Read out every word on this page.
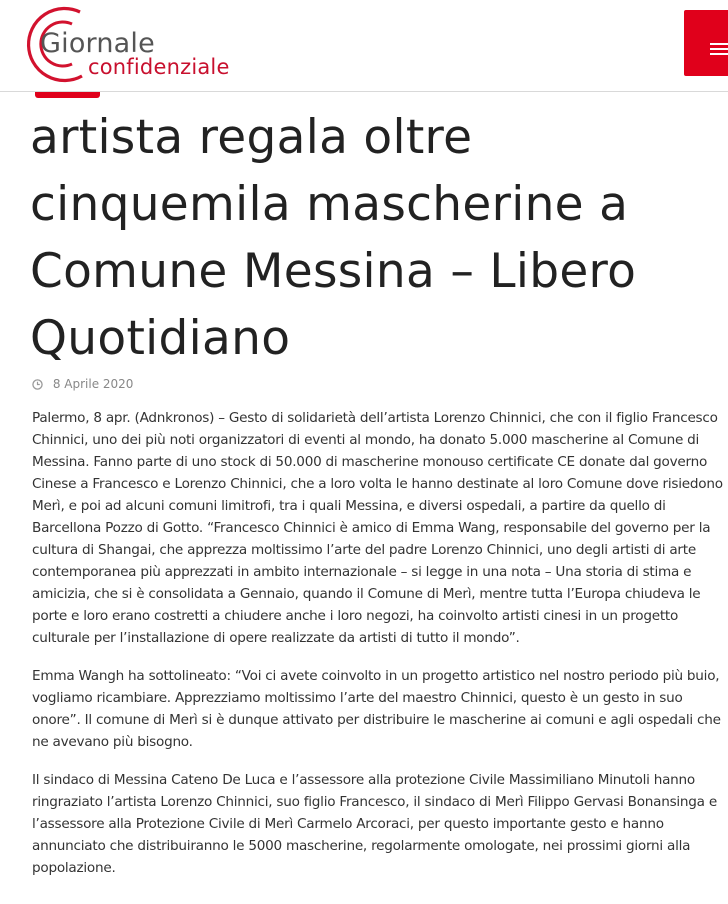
Giornale
confidenziale
artista regala oltre cinquemila mascherine a Comune Messina – Libero Quotidiano
8 Aprile 2020

Palermo, 8 apr. (Adnkronos) – Gesto di solidarietà dell’artista Lorenzo Chinnici, che con il figlio Francesco Chinnici, uno dei più noti organizzatori di eventi al mondo, ha donato 5.000 mascherine al Comune di Messina. Fanno parte di uno stock di 50.000 di mascherine monouso certificate CE donate dal governo Cinese a Francesco e Lorenzo Chinnici, che a loro volta le hanno destinate al loro Comune dove risiedono Merì, e poi ad alcuni comuni limitrofi, tra i quali Messina, e diversi ospedali, a partire da quello di Barcellona Pozzo di Gotto. “Francesco Chinnici è amico di Emma Wang, responsabile del governo per la cultura di Shangai, che apprezza moltissimo l’arte del padre Lorenzo Chinnici, uno degli artisti di arte contemporanea più apprezzati in ambito internazionale – si legge in una nota – Una storia di stima e amicizia, che si è consolidata a Gennaio, quando il Comune di Merì, mentre tutta l’Europa chiudeva le porte e loro erano costretti a chiudere anche i loro negozi, ha coinvolto artisti cinesi in un progetto culturale per l’installazione di opere realizzate da artisti di tutto il mondo”.

Emma Wangh ha sottolineato: “Voi ci avete coinvolto in un progetto artistico nel nostro periodo più buio, vogliamo ricambiare. Apprezziamo moltissimo l’arte del maestro Chinnici, questo è un gesto in suo onore”. Il comune di Merì si è dunque attivato per distribuire le mascherine ai comuni e agli ospedali che ne avevano più bisogno.

Il sindaco di Messina Cateno De Luca e l’assessore alla protezione Civile Massimiliano Minutoli hanno ringraziato l’artista Lorenzo Chinnici, suo figlio Francesco, il sindaco di Merì Filippo Gervasi Bonansinga e l’assessore alla Protezione Civile di Merì Carmelo Arcoraci, per questo importante gesto e hanno annunciato che distribuiranno le 5000 mascherine, regolarmente omologate, nei prossimi giorni alla popolazione.
